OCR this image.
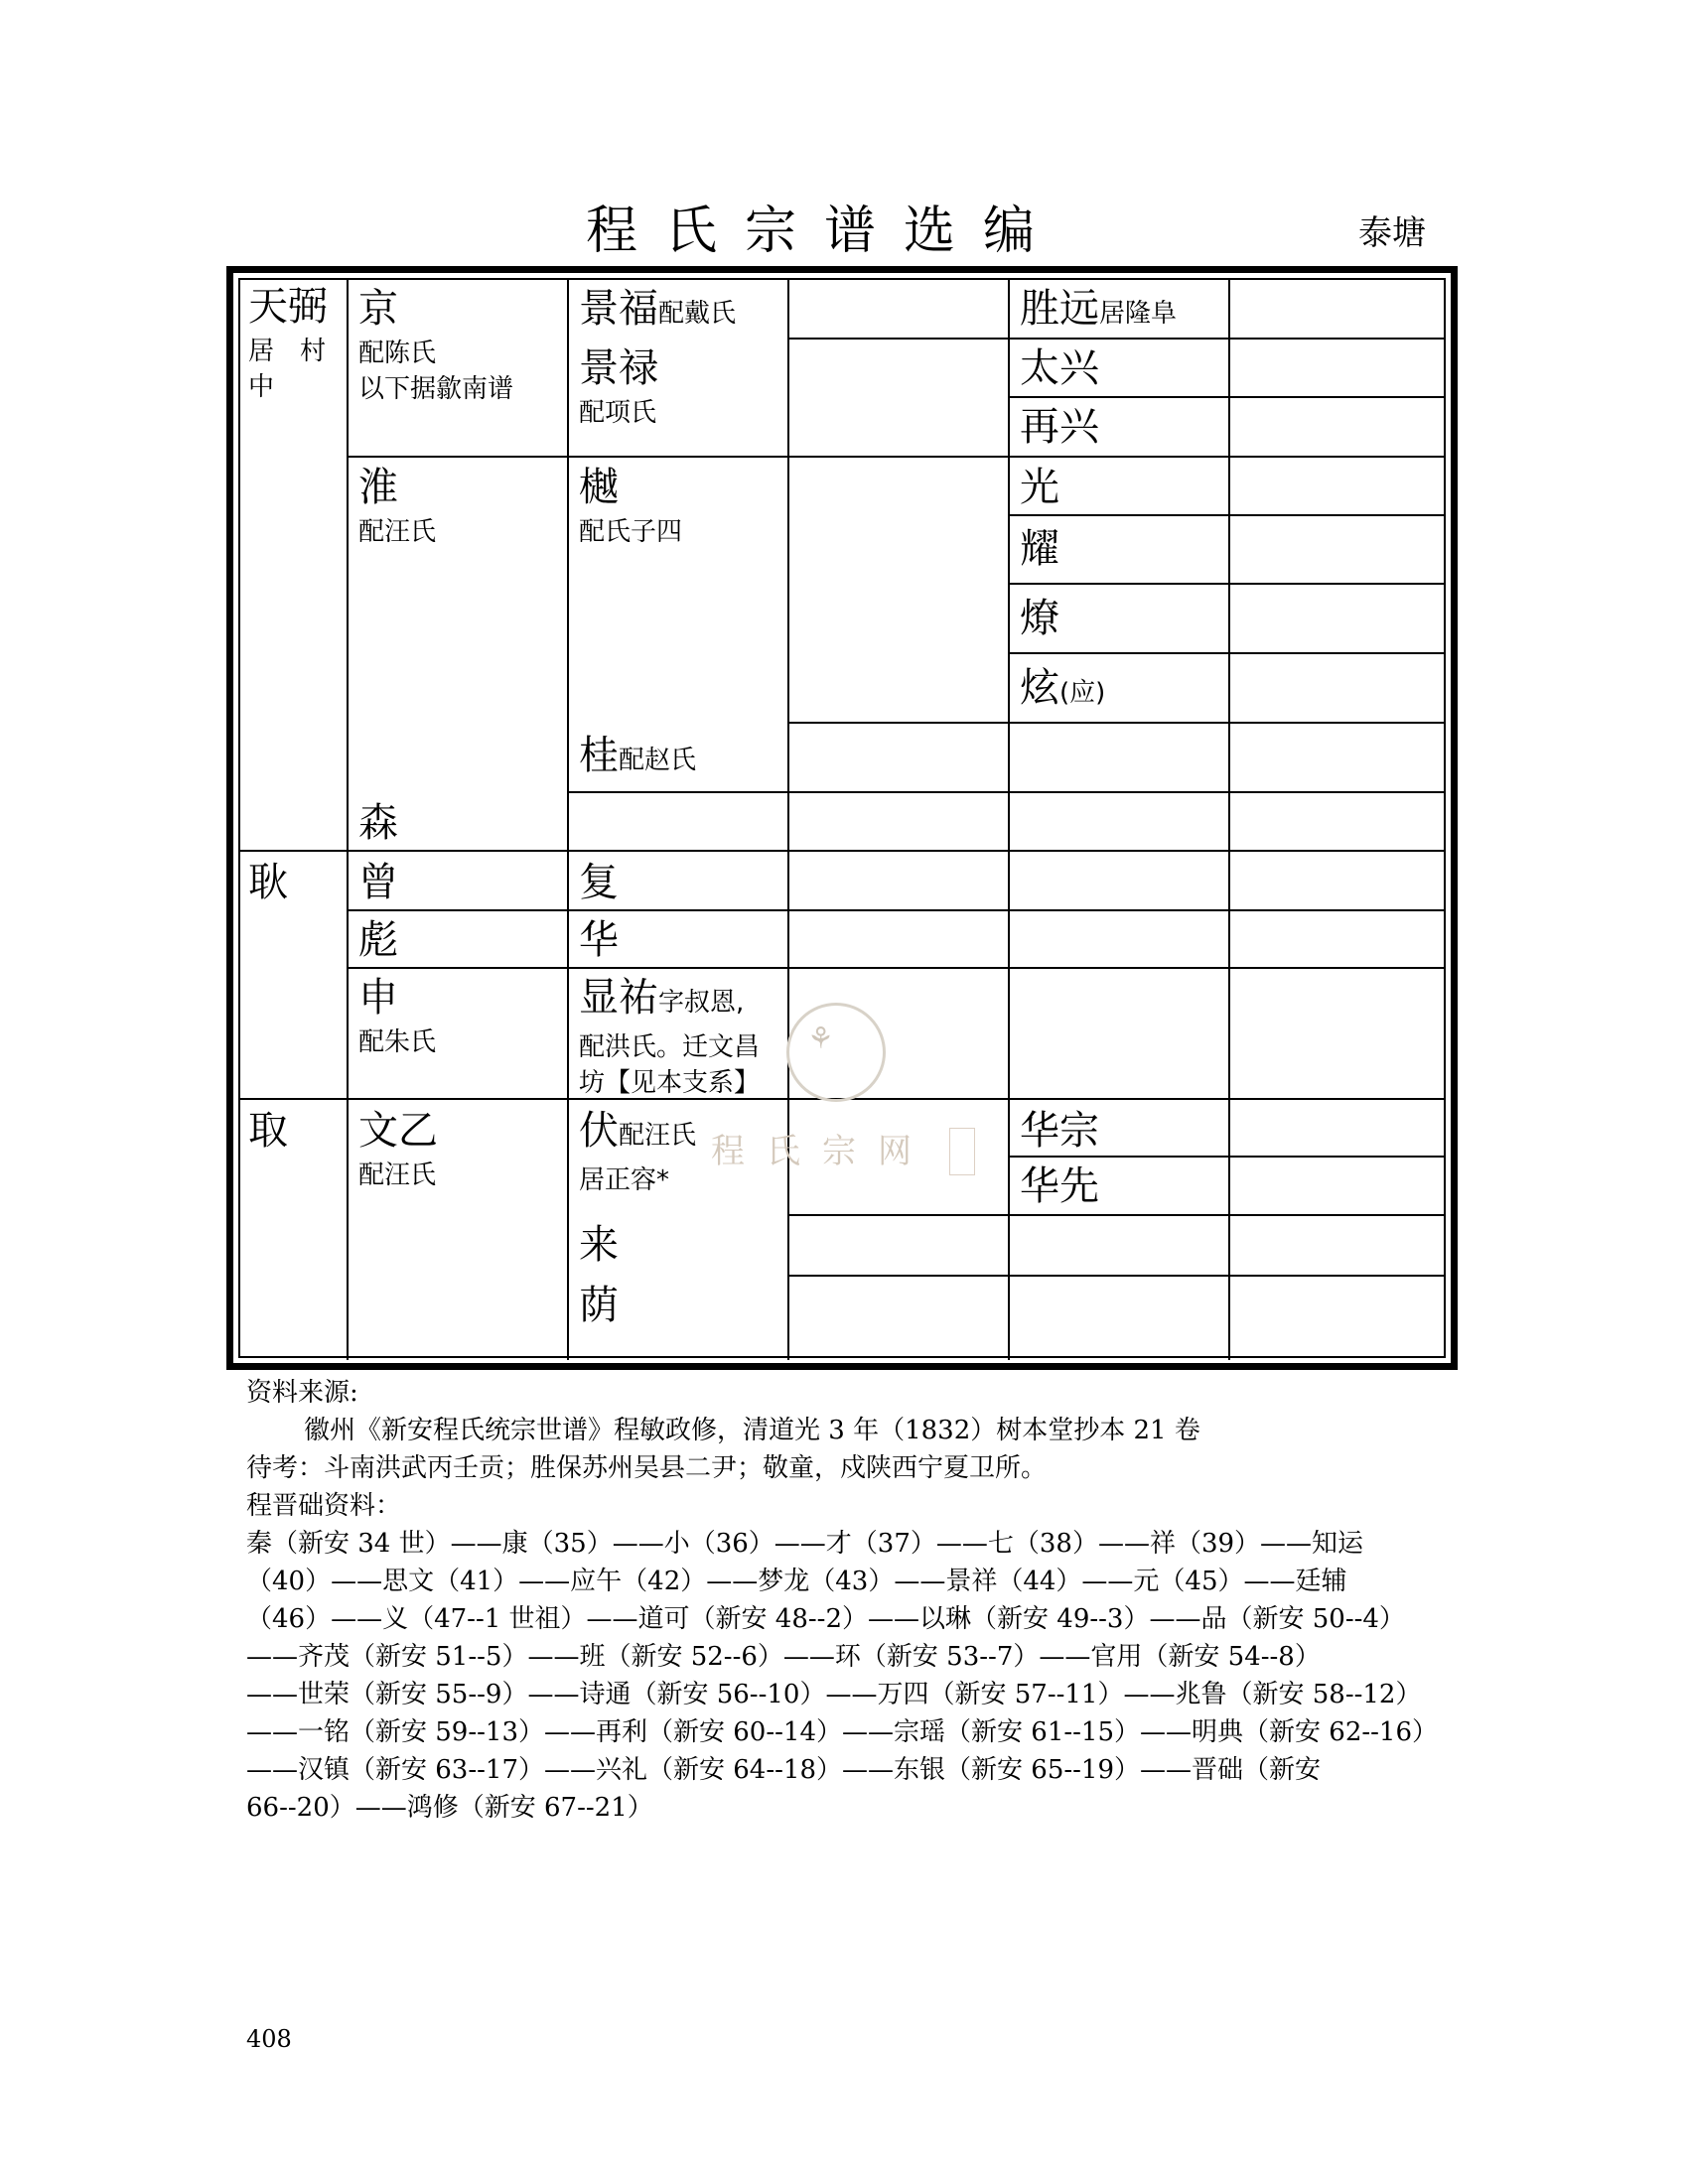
程氏宗谱选编	泰塘
天弼
居　村
中
耿
取
京
配陈氏
以下据歙南谱
淮
配汪氏
森
曾
彪
申
配朱氏
文乙
配汪氏
景福配戴氏
景禄
配项氏
樾
配氏子四
桂配赵氏
复
华
显祐字叔恩,
配洪氏。迁文昌
坊【见本支系】
伏配汪氏
居正容*
来
荫
胜远居隆阜
太兴
再兴
光
耀
燎
炫(应)
华宗
华先
⚘
程氏宗网
资料来源:
徽州《新安程氏统宗世谱》程敏政修，清道光 3 年（1832）树本堂抄本 21 卷
待考：斗南洪武丙壬贡；胜保苏州吴县二尹；敬童，戍陕西宁夏卫所。
程晋础资料：
秦（新安 34 世）——康（35）——小（36）——才（37）——七（38）——祥（39）——知运
（40）——思文（41）——应午（42）——梦龙（43）——景祥（44）——元（45）——廷辅
（46）——义（47--1 世祖）——道可（新安 48--2）——以琳（新安 49--3）——品（新安 50--4）
——齐茂（新安 51--5）——班（新安 52--6）——环（新安 53--7）——官用（新安 54--8）
——世荣（新安 55--9）——诗通（新安 56--10）——万四（新安 57--11）——兆鲁（新安 58--12）
——一铭（新安 59--13）——再利（新安 60--14）——宗瑶（新安 61--15）——明典（新安 62--16）
——汉镇（新安 63--17）——兴礼（新安 64--18）——东银（新安 65--19）——晋础（新安
66--20）——鸿修（新安 67--21）
408
